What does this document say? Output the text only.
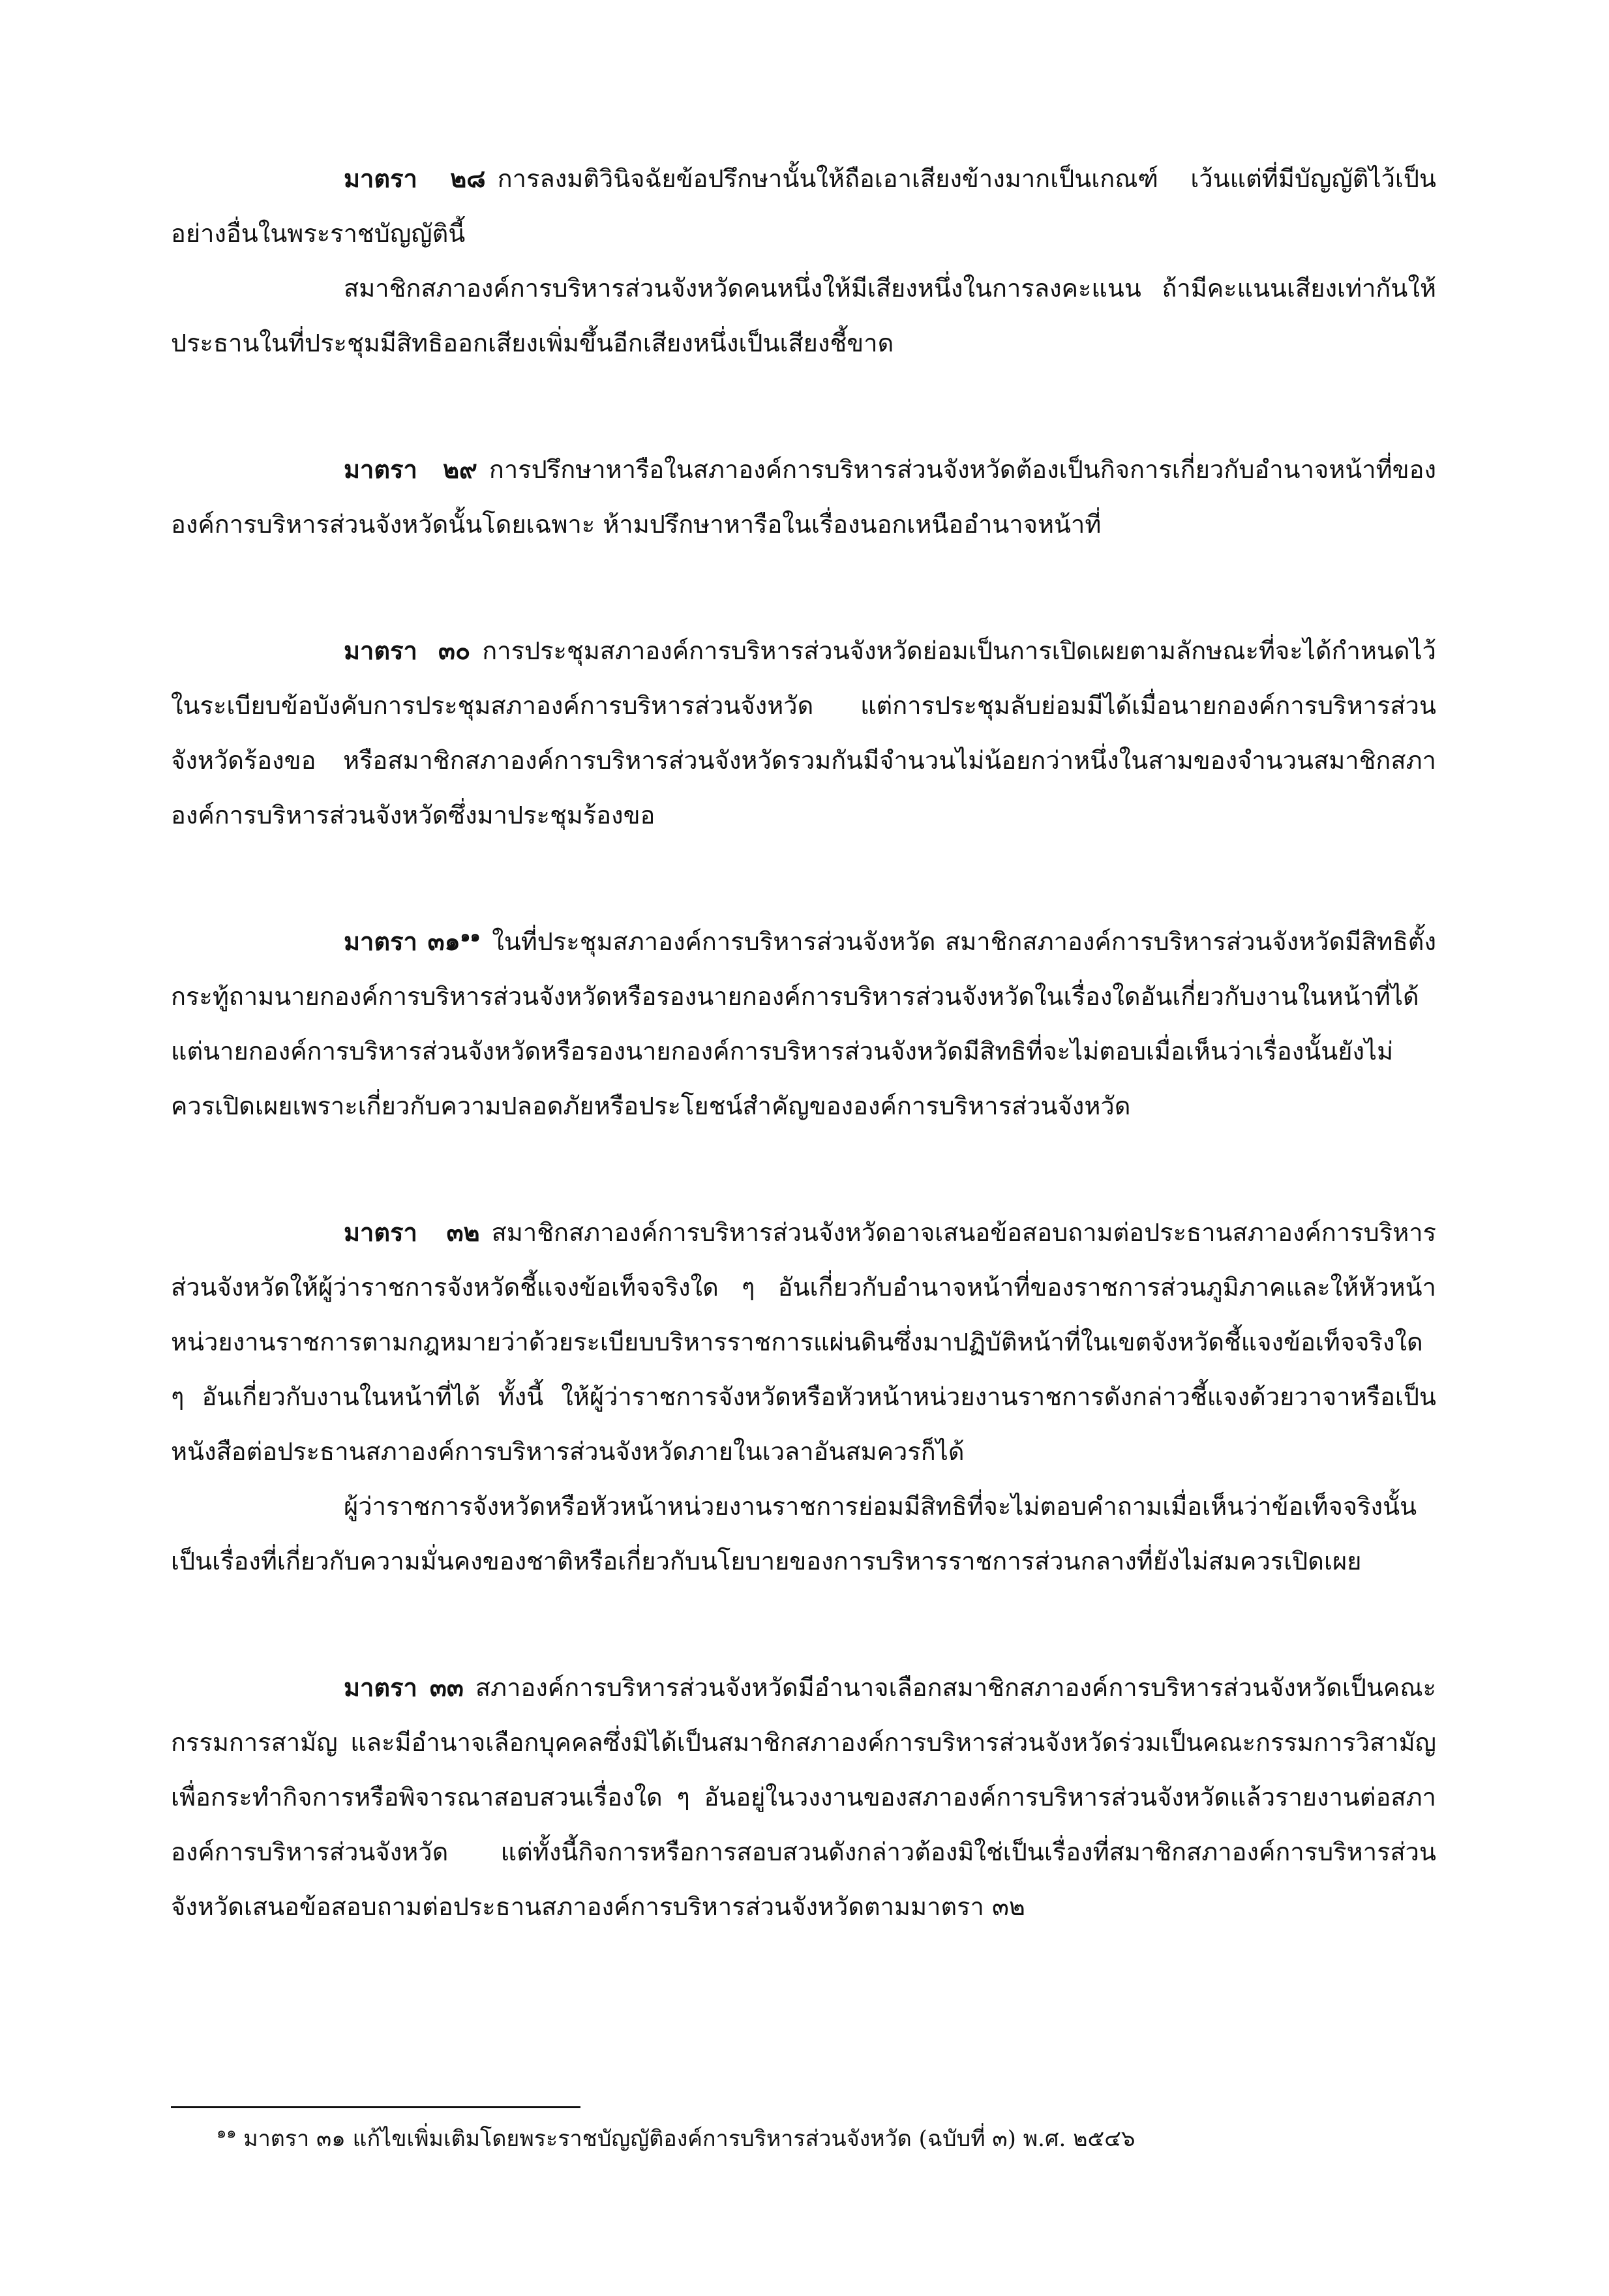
มาตรา ๒๘ การลงมติวินิจฉัยข้อปรึกษานั้นให้ถือเอาเสียงข้างมากเป็นเกณฑ์ เว้นแต่ที่มีบัญญัติไว้เป็นอย่างอื่นในพระราชบัญญัตินี้

สมาชิกสภาองค์การบริหารส่วนจังหวัดคนหนึ่งให้มีเสียงหนึ่งในการลงคะแนน ถ้ามีคะแนนเสียงเท่ากันให้ประธานในที่ประชุมมีสิทธิออกเสียงเพิ่มขึ้นอีกเสียงหนึ่งเป็นเสียงชี้ขาด

มาตรา ๒๙ การปรึกษาหารือในสภาองค์การบริหารส่วนจังหวัดต้องเป็นกิจการเกี่ยวกับอำนาจหน้าที่ขององค์การบริหารส่วนจังหวัดนั้นโดยเฉพาะ ห้ามปรึกษาหารือในเรื่องนอกเหนืออำนาจหน้าที่

มาตรา ๓๐ การประชุมสภาองค์การบริหารส่วนจังหวัดย่อมเป็นการเปิดเผยตามลักษณะที่จะได้กำหนดไว้ในระเบียบข้อบังคับการประชุมสภาองค์การบริหารส่วนจังหวัด แต่การประชุมลับย่อมมีได้เมื่อนายกองค์การบริหารส่วนจังหวัดร้องขอ หรือสมาชิกสภาองค์การบริหารส่วนจังหวัดรวมกันมีจำนวนไม่น้อยกว่าหนึ่งในสามของจำนวนสมาชิกสภาองค์การบริหารส่วนจังหวัดซึ่งมาประชุมร้องขอ

มาตรา ๓๑$^{๑๑}$ ในที่ประชุมสภาองค์การบริหารส่วนจังหวัด สมาชิกสภาองค์การบริหารส่วนจังหวัดมีสิทธิตั้งกระทู้ถามนายกองค์การบริหารส่วนจังหวัดหรือรองนายกองค์การบริหารส่วนจังหวัดในเรื่องใดอันเกี่ยวกับงานในหน้าที่ได้ แต่นายกองค์การบริหารส่วนจังหวัดหรือรองนายกองค์การบริหารส่วนจังหวัดมีสิทธิที่จะไม่ตอบเมื่อเห็นว่าเรื่องนั้นยังไม่ควรเปิดเผยเพราะเกี่ยวกับความปลอดภัยหรือประโยชน์สำคัญขององค์การบริหารส่วนจังหวัด

มาตรา ๓๒ สมาชิกสภาองค์การบริหารส่วนจังหวัดอาจเสนอข้อสอบถามต่อประธานสภาองค์การบริหารส่วนจังหวัดให้ผู้ว่าราชการจังหวัดชี้แจงข้อเท็จจริงใด ๆ อันเกี่ยวกับอำนาจหน้าที่ของราชการส่วนภูมิภาคและให้หัวหน้าหน่วยงานราชการตามกฎหมายว่าด้วยระเบียบบริหารราชการแผ่นดินซึ่งมาปฏิบัติหน้าที่ในเขตจังหวัดชี้แจงข้อเท็จจริงใด ๆ อันเกี่ยวกับงานในหน้าที่ได้ ทั้งนี้ ให้ผู้ว่าราชการจังหวัดหรือหัวหน้าหน่วยงานราชการดังกล่าวชี้แจงด้วยวาจาหรือเป็นหนังสือต่อประธานสภาองค์การบริหารส่วนจังหวัดภายในเวลาอันสมควรก็ได้

ผู้ว่าราชการจังหวัดหรือหัวหน้าหน่วยงานราชการย่อมมีสิทธิที่จะไม่ตอบคำถามเมื่อเห็นว่าข้อเท็จจริงนั้นเป็นเรื่องที่เกี่ยวกับความมั่นคงของชาติหรือเกี่ยวกับนโยบายของการบริหารราชการส่วนกลางที่ยังไม่สมควรเปิดเผย

มาตรา ๓๓ สภาองค์การบริหารส่วนจังหวัดมีอำนาจเลือกสมาชิกสภาองค์การบริหารส่วนจังหวัดเป็นคณะกรรมการสามัญ และมีอำนาจเลือกบุคคลซึ่งมิได้เป็นสมาชิกสภาองค์การบริหารส่วนจังหวัดร่วมเป็นคณะกรรมการวิสามัญเพื่อกระทำกิจการหรือพิจารณาสอบสวนเรื่องใด ๆ อันอยู่ในวงงานของสภาองค์การบริหารส่วนจังหวัดแล้วรายงานต่อสภาองค์การบริหารส่วนจังหวัด แต่ทั้งนี้กิจการหรือการสอบสวนดังกล่าวต้องมิใช่เป็นเรื่องที่สมาชิกสภาองค์การบริหารส่วนจังหวัดเสนอข้อสอบถามต่อประธานสภาองค์การบริหารส่วนจังหวัดตามมาตรา ๓๒

$^{๑๑}$ มาตรา ๓๑ แก้ไขเพิ่มเติมโดยพระราชบัญญัติองค์การบริหารส่วนจังหวัด (ฉบับที่ ๓) พ.ศ. ๒๕๔๖
